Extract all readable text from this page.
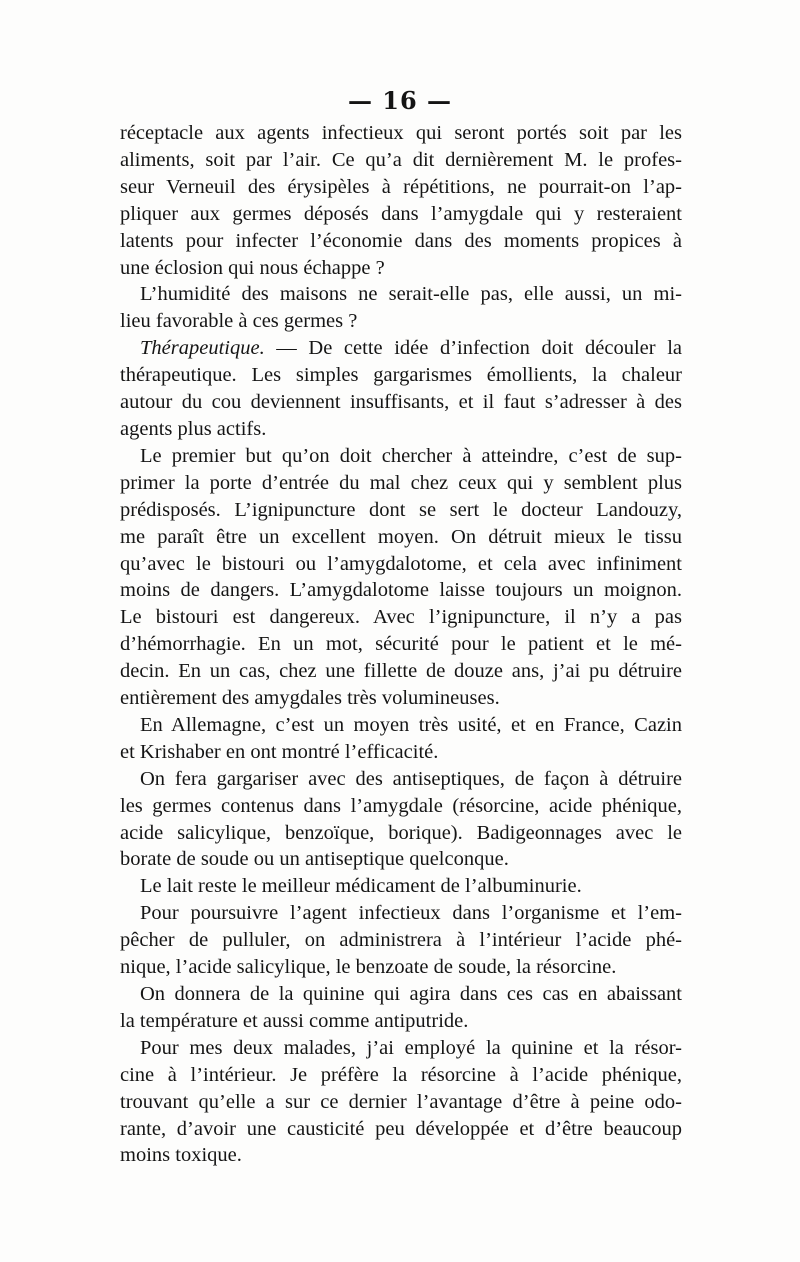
— 16 —
réceptacle aux agents infectieux qui seront portés soit par les
aliments, soit par l’air. Ce qu’a dit dernièrement M. le profes-
seur Verneuil des érysipèles à répétitions, ne pourrait-on l’ap-
pliquer aux germes déposés dans l’amygdale qui y resteraient
latents pour infecter l’économie dans des moments propices à
une éclosion qui nous échappe ?
L’humidité des maisons ne serait-elle pas, elle aussi, un mi-
lieu favorable à ces germes ?
Thérapeutique. — De cette idée d’infection doit découler la
thérapeutique. Les simples gargarismes émollients, la chaleur
autour du cou deviennent insuffisants, et il faut s’adresser à des
agents plus actifs.
Le premier but qu’on doit chercher à atteindre, c’est de sup-
primer la porte d’entrée du mal chez ceux qui y semblent plus
prédisposés. L’ignipuncture dont se sert le docteur Landouzy,
me paraît être un excellent moyen. On détruit mieux le tissu
qu’avec le bistouri ou l’amygdalotome, et cela avec infiniment
moins de dangers. L’amygdalotome laisse toujours un moignon.
Le bistouri est dangereux. Avec l’ignipuncture, il n’y a pas
d’hémorrhagie. En un mot, sécurité pour le patient et le mé-
decin. En un cas, chez une fillette de douze ans, j’ai pu détruire
entièrement des amygdales très volumineuses.
En Allemagne, c’est un moyen très usité, et en France, Cazin
et Krishaber en ont montré l’efficacité.
On fera gargariser avec des antiseptiques, de façon à détruire
les germes contenus dans l’amygdale (résorcine, acide phénique,
acide salicylique, benzoïque, borique). Badigeonnages avec le
borate de soude ou un antiseptique quelconque.
Le lait reste le meilleur médicament de l’albuminurie.
Pour poursuivre l’agent infectieux dans l’organisme et l’em-
pêcher de pulluler, on administrera à l’intérieur l’acide phé-
nique, l’acide salicylique, le benzoate de soude, la résorcine.
On donnera de la quinine qui agira dans ces cas en abaissant
la température et aussi comme antiputride.
Pour mes deux malades, j’ai employé la quinine et la résor-
cine à l’intérieur. Je préfère la résorcine à l’acide phénique,
trouvant qu’elle a sur ce dernier l’avantage d’être à peine odo-
rante, d’avoir une causticité peu développée et d’être beaucoup
moins toxique.
